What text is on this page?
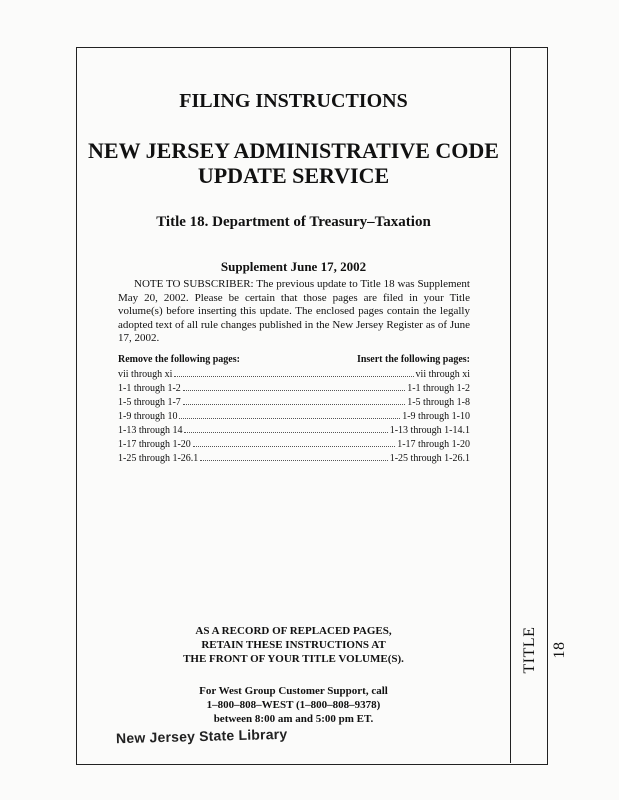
TITLE 18
FILING INSTRUCTIONS
NEW JERSEY ADMINISTRATIVE CODE
UPDATE SERVICE
Title 18. Department of Treasury–Taxation
Supplement June 17, 2002

NOTE TO SUBSCRIBER: The previous update to Title 18 was Supplement May 20, 2002. Please be certain that those pages are filed in your Title volume(s) before inserting this update. The enclosed pages contain the legally adopted text of all rule changes published in the New Jersey Register as of June 17, 2002.

Remove the following pages:	Insert the following pages:
vii through xi	vii through xi
1-1 through 1-2	1-1 through 1-2
1-5 through 1-7	1-5 through 1-8
1-9 through 10	1-9 through 1-10
1-13 through 14	1-13 through 1-14.1
1-17 through 1-20	1-17 through 1-20
1-25 through 1-26.1	1-25 through 1-26.1
AS A RECORD OF REPLACED PAGES,
RETAIN THESE INSTRUCTIONS AT
THE FRONT OF YOUR TITLE VOLUME(S).
For West Group Customer Support, call
1–800–808–WEST (1–800–808–9378)
between 8:00 am and 5:00 pm ET.
New Jersey State Library
